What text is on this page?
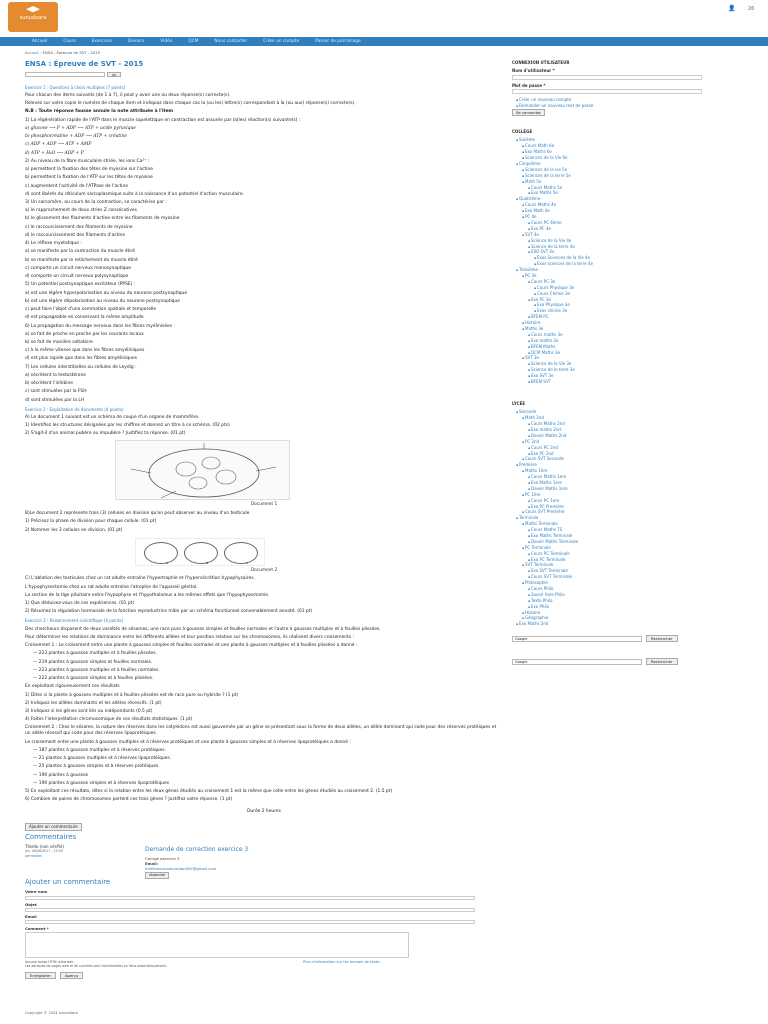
sunudaara
👤	26
Accueil	Cours	Exercices	Devoirs	Vidéo	QCM	Nous contacter	Créer un compte	Passer de parrainage
Accueil › ENSA : Épreuve de SVT - 2015
ENSA : Épreuve de SVT - 2015
OK
Exercice 1 : Questions à choix multiples (7 points)
Pour chacun des items suivants (de 1 à 7), il peut y avoir une ou deux réponse(s) correcte(s).
Relevez sur votre copie le numéro de chaque item et indiquez dans chaque cas la (ou les) lettre(s) correspondant à la (ou aux) réponse(s) correcte(s).
N.B : Toute réponse fausse annule la note attribuée à l'item
1) La régénération rapide de l'ATP dans le muscle squelettique en contraction est assurée par la(les) réaction(s) suivante(s) :
a) glucose ⟶ P + ADP ⟶ ATP + acide pyruvique
b) phosphocréatine + ADP ⟶ ATP + créatine
c) ADP + ADP ⟶ ATP + AMP
d) ATP + H₂O ⟶ ADP + P
2) Au niveau de la fibre musculaire striée, les ions Ca²⁺ :
a) permettent la fixation des têtes de myosine sur l'actine
b) permettent la fixation de l'ATP sur les têtes de myosine
c) augmentent l'activité de l'ATPase de l'actine
d) sont libérés du réticulum sarcoplasmique suite à la naissance d'un potentiel d'action musculaire.
3) Un sarcomère, au cours de la contraction, se caractérise par :
a) le rapprochement de deux stries Z consécutives
b) le glissement des filaments d'actine entre les filaments de myosine
c) le raccourcissement des filaments de myosine
d) le raccourcissement des filaments d'actine
4) Le réflexe myotatique :
a) se manifeste par la contraction du muscle étiré
b) se manifeste par le relâchement du muscle étiré
c) comporte un circuit nerveux monosynaptique
d) comporte un circuit nerveux polysynaptique
5) Un potentiel postsynaptique excitateur (PPSE) :
a) est une légère hyperpolarisation au niveau du neurone postsynaptique
b) est une légère dépolarisation au niveau du neurone postsynaptique
c) peut faire l'objet d'une sommation spatiale et temporelle
d) est propageable en conservant la même amplitude
6) La propagation du message nerveux dans les fibres myélinisées :
a) se fait de proche en proche par les courants locaux
b) se fait de manière saltatoire
c) à la même vitesse que dans les fibres amyéliniques
d) est plus rapide que dans les fibres amyéliniques
7) Les cellules interstitielles ou cellules de Leydig :
a) sécrètent la testostérone
b) sécrètent l'inhibine
c) sont stimulées par la FSH
d) sont stimulées par la LH
Exercice 2 : Exploitation de documents (4 points)
A) Le document 1 suivant est un schéma de coupe d'un organe de mammifère.
1) Identifiez les structures désignées par les chiffres et donnez un titre à ce schéma. (02 pts)
2) S'agit-il d'un animal pubère ou impubère ? Justifiez ta réponse. (01 pt)
Document 1
B)Le document 2 représente trois (3) cellules en division qu'on peut observer au niveau d'un testicule
1) Précisez la phase de division pour chaque cellule. (01 pt)
2) Nommer les 3 cellules en division. (01 pt)
A	B	C
Document 2
C) L'ablation des testicules chez un rat adulte entraîne l'hypertrophie et l'hypersécrétion hypophysaires.
L'hypophysectomie chez un rat adulte entraîne l'atrophie de l'appareil génital.
La section de la tige pituitaire entre l'hypophyse et l'hypothalamus a les mêmes effets que l'hypophysectomie.
1) Que déduisez-vous de ces expériences. (01 pt)
2) Résumez la régulation hormonale de la fonction reproductrice mâle par un schéma fonctionnel convenablement annoté. (01 pt)
Exercice 3 : Raisonnement scientifique (6 points)
Des chercheurs disposent de deux variétés de sésames, une race pure à gousses simples et feuilles normales et l'autre à gousses multiples et à feuilles plissées.
Pour déterminer les relations de dominance entre les différents allèles et leur position relative sur les chromosomes, ils réalisent divers croisements :
Croisement 1 : Le croisement entre une plante à gousses simples et feuilles normales et une plante à gousses multiples et à feuilles plissées a donné :
— 223 plantes à gousses multiples et à feuilles plissées.
— 219 plantes à gousses simples et feuilles normales.
— 223 plantes à gousses multiples et à feuilles normales.
— 222 plantes à gousses simples et à feuilles plissées.
En exploitant rigoureusement ces résultats
1) Dites si la plante à gousses multiples et à feuilles plissées est de race pure ou hybride ? (1 pt)
2) Indiquez les allèles dominants et les allèles récessifs. (1 pt)
3) Indiquez si les gènes sont liés ou indépendants (0.5 pt)
4) Faites l'interprétation chromosomique de ces résultats statistiques. (1 pt)
Croisement 2 : Chez le sésame, la nature des réserves dans les cotylédons est aussi gouvernée par un gène se présentant sous la forme de deux allèles, un allèle dominant qui code pour des réserves protéiques et un allèle récessif qui code pour des réserves lipoprotéiques.
Le croisement entre une plante à gousses multiples et à réserves protéiques et une plante à gousses simples et à réserves lipoprotéiques a donné :
— 187 plantes à gousses multiples et à réserves protéiques.
— 21 plantes à gousses multiples et à réserves lipoprotéiques.
— 25 plantes à gousses simples et à réserves protéiques.
— 190 plantes à gousses
— 190 plantes à gousses simples et à réserves lipoprotéiques
5) En exploitant ces résultats, dites si la relation entre les deux gènes étudiés au croisement 1 est la même que celle entre les gènes étudiés au croisement 2. (1.5 pt)
6) Combien de paires de chromosomes portent ces trois gènes ? Justifiez votre réponse. (1 pt)
Durée 2 heures
Ajouter un commentaire
Commentaires
Thiello (non vérifié)
jeu, 08/06/2017 - 23:45
permalien
Demande de correction exercice 3
Corrigé exercice 3
Email:
thiellomamadoumbodj92@gmail.com
répondre
Ajouter un commentaire
Votre nom
Objet
Email
Comment *
Aucune balise HTML autorisée.
Les adresses de pages web et de courriels sont transformées en liens automatiquement.
Plus d'information sur les formats de texte
Enregistrer	Aperçu
Copyright © 2024 sunudaara
CONNEXION UTILISATEUR
Nom d'utilisateur *
Mot de passe *
▪ Créer un nouveau compte
▪ Demander un nouveau mot de passe
Se connecter
COLLÈGE
▪ Sixième
▪ Cours Math 6e
▪ Exo Maths 6e
▪ Sciences de la Vie 6e
▪ Cinquième
▪ Sciences de la vie 5e
▪ Sciences de la terre 5e
▪ Math 5e
▪ Cours Maths 5e
▪ Exo Maths 5e
▪ Quatrième
▪ Cours Maths 4e
▪ Exo Math 4e
▪ PC 4e
▪ Cours PC 4ème
▪ Exo PC 4e
▪ SVT 4e
▪ Science de la Vie 4e
▪ Science de la terre 4e
▪ EXO SVT 4e
▪ Exos Sciences de la Vie 4e
▪ Exos sciences de la terre 4e
▪ Troisième
▪ PC 3e
▪ Cours PC 3e
▪ Cours Physique 3e
▪ Cours Chimie 3e
▪ Exo PC 3e
▪ Exo Physique 3e
▪ Exos chimie 3e
▪ BFEM PC
▪ Histoire
▪ Maths 3e
▪ Cours maths 3e
▪ Exo maths 3e
▪ BFEM Maths
▪ QCM Maths 3e
▪ SVT 3e
▪ Science de la Vie 3e
▪ Science de la terre 3e
▪ Exo SVT 3e
▪ BFEM SVT
LYCÉE
▪ Seconde
▪ Math 2nd
▪ Cours Maths 2nd
▪ Exo maths 2nd
▪ Devoir Maths 2nd
▪ PC 2nd
▪ Cours PC 2nd
▪ Exo PC 2nd
▪ Cours SVT Seconde
▪ Première
▪ Maths 1ère
▪ Cours Maths 1ere
▪ Exo Maths 1ere
▪ Devoir Maths 1ere
▪ PC 1ère
▪ Cours PC 1ere
▪ Exo PC Première
▪ Cours SVT Première
▪ Terminale
▪ Maths Terminale
▪ Cours Maths TS
▪ Exo Maths Terminale
▪ Devoir Maths Terminale
▪ PC Terminale
▪ Cours PC Terminale
▪ Exo PC Terminale
▪ SVT Terminale
▪ Exo SVT Terminale
▪ Cours SVT Terminale
▪ Philosophie
▪ Cours Philo
▪ Savoir faire Philo
▪ Texte Philo
▪ Exo Philo
▪ Histoire
▪ Géographie
▪ Exo Maths 2nd
Google	Rechercher
Google	Rechercher
